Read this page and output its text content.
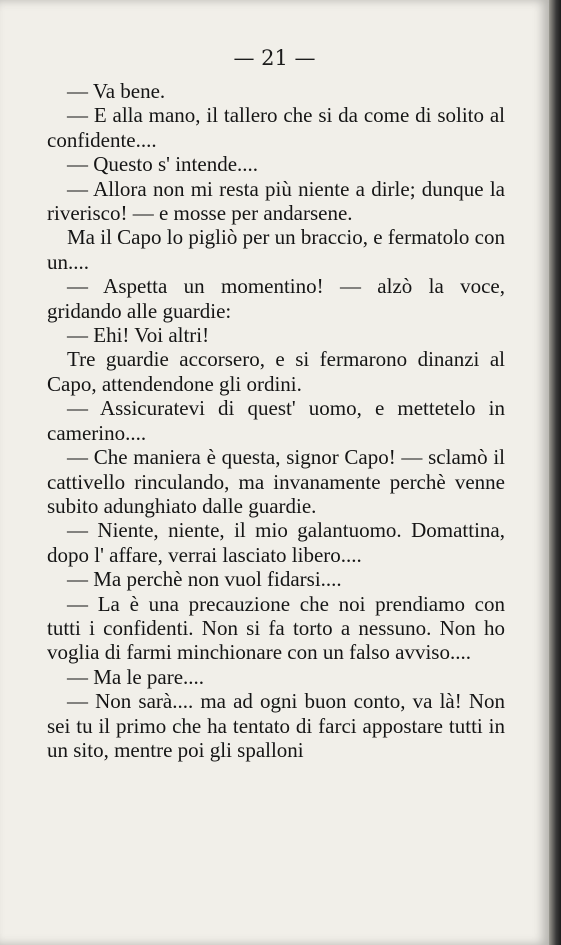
— 21 —

— Va bene.

— E alla mano, il tallero che si da come di solito al confidente....

— Questo s' intende....

— Allora non mi resta più niente a dirle; dunque la riverisco! — e mosse per andarsene.

Ma il Capo lo pigliò per un braccio, e fermatolo con un....

— Aspetta un momentino! — alzò la voce, gridando alle guardie:

— Ehi! Voi altri!

Tre guardie accorsero, e si fermarono dinanzi al Capo, attendendone gli ordini.

— Assicuratevi di quest' uomo, e mettetelo in camerino....

— Che maniera è questa, signor Capo! — sclamò il cattivello rinculando, ma invanamente perchè venne subito adunghiato dalle guardie.

— Niente, niente, il mio galantuomo. Domattina, dopo l' affare, verrai lasciato libero....

— Ma perchè non vuol fidarsi....

— La è una precauzione che noi prendiamo con tutti i confidenti. Non si fa torto a nessuno. Non ho voglia di farmi minchionare con un falso avviso....

— Ma le pare....

— Non sarà.... ma ad ogni buon conto, va là! Non sei tu il primo che ha tentato di farci appostare tutti in un sito, mentre poi gli spalloni
